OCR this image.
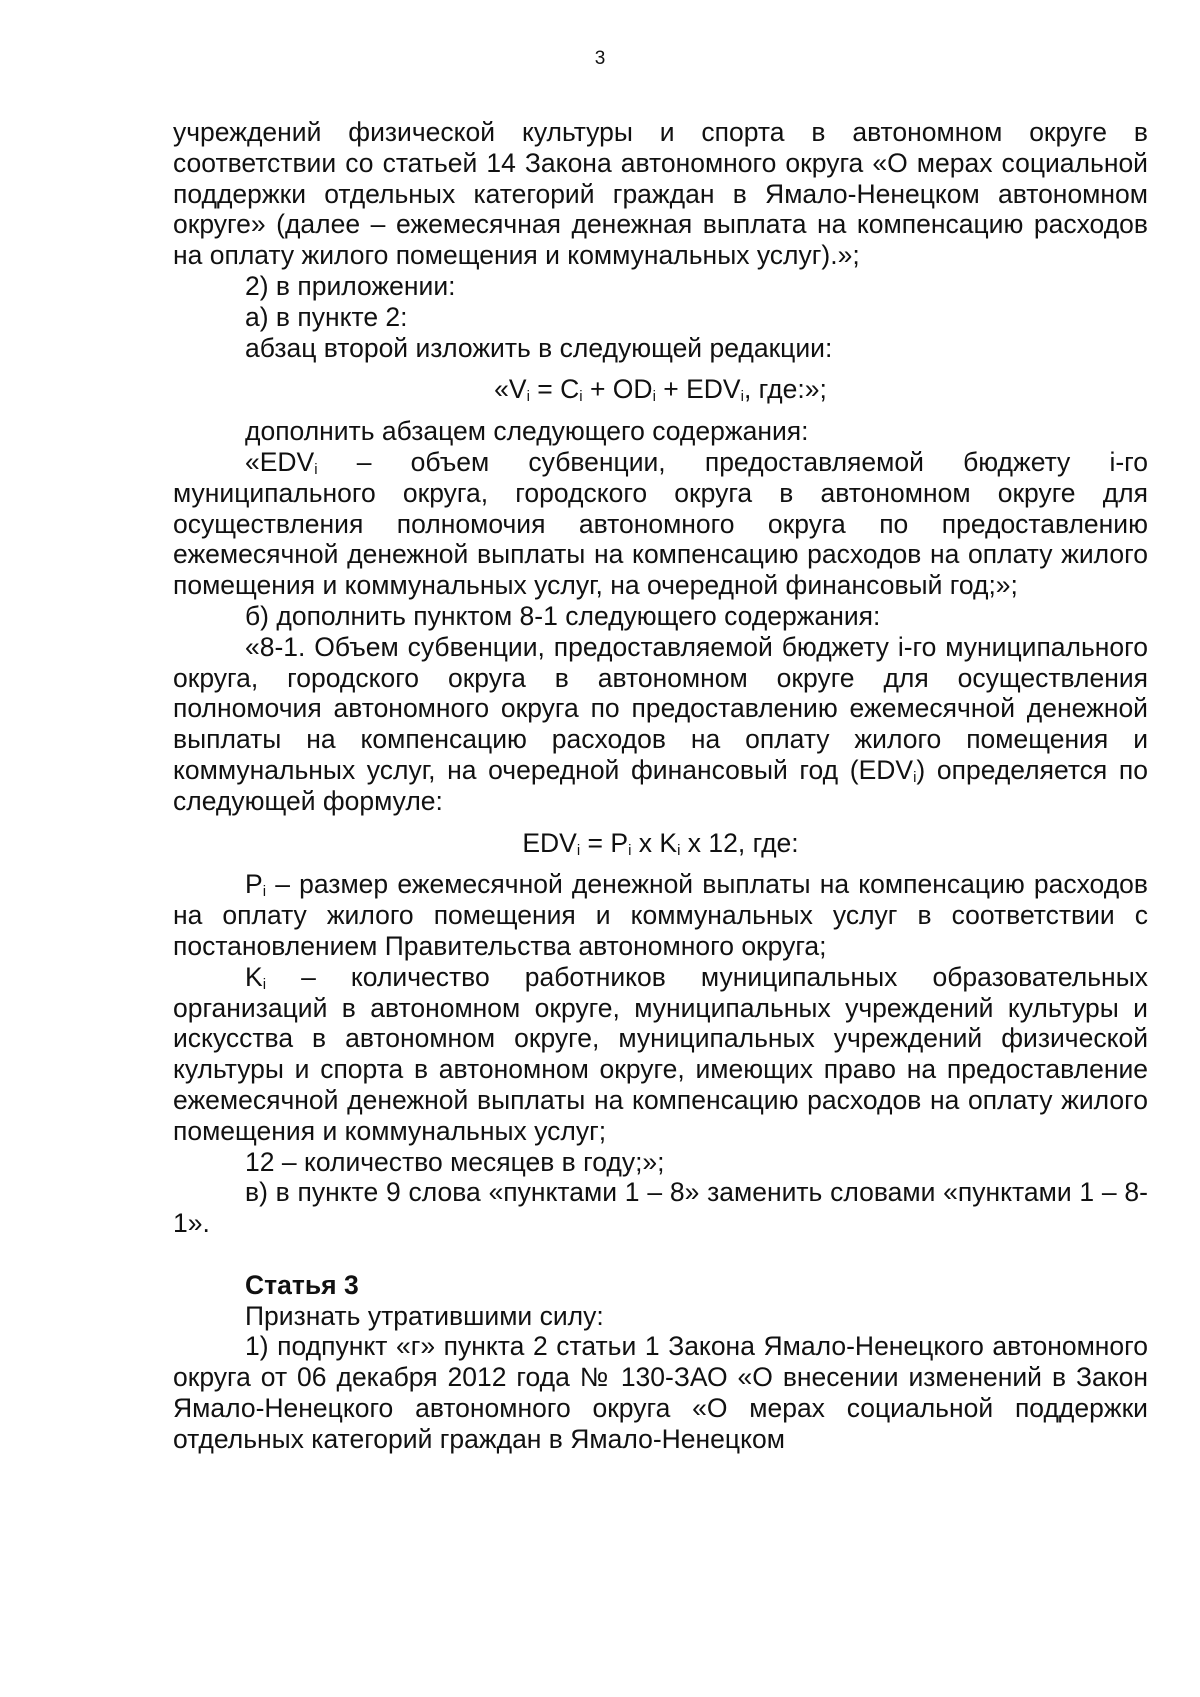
3

учреждений физической культуры и спорта в автономном округе в соответствии со статьей 14 Закона автономного округа «О мерах социальной поддержки отдельных категорий граждан в Ямало-Ненецком автономном округе» (далее – ежемесячная денежная выплата на компенсацию расходов на оплату жилого помещения и коммунальных услуг).»;

2) в приложении:

а) в пункте 2:

абзац второй изложить в следующей редакции:

«$V_i = C_i + OD_i + EDV_i$, где:»;

дополнить абзацем следующего содержания:

«$EDV_i$ – объем субвенции, предоставляемой бюджету i-го муниципального округа, городского округа в автономном округе для осуществления полномочия автономного округа по предоставлению ежемесячной денежной выплаты на компенсацию расходов на оплату жилого помещения и коммунальных услуг, на очередной финансовый год;»;

б) дополнить пунктом 8-1 следующего содержания:

«8-1. Объем субвенции, предоставляемой бюджету i-го муниципального округа, городского округа в автономном округе для осуществления полномочия автономного округа по предоставлению ежемесячной денежной выплаты на компенсацию расходов на оплату жилого помещения и коммунальных услуг, на очередной финансовый год $(EDV_i)$ определяется по следующей формуле:

$EDV_i = P_i$ х $K_i$ х 12, где:

$P_i$ – размер ежемесячной денежной выплаты на компенсацию расходов на оплату жилого помещения и коммунальных услуг в соответствии с постановлением Правительства автономного округа;

$K_i$ – количество работников муниципальных образовательных организаций в автономном округе, муниципальных учреждений культуры и искусства в автономном округе, муниципальных учреждений физической культуры и спорта в автономном округе, имеющих право на предоставление ежемесячной денежной выплаты на компенсацию расходов на оплату жилого помещения и коммунальных услуг;

12 – количество месяцев в году;»;

в) в пункте 9 слова «пунктами 1 – 8» заменить словами «пунктами 1 – 8-1».

Статья 3

Признать утратившими силу:

1) подпункт «г» пункта 2 статьи 1 Закона Ямало-Ненецкого автономного округа от 06 декабря 2012 года № 130-ЗАО «О внесении изменений в Закон Ямало-Ненецкого автономного округа «О мерах социальной поддержки отдельных категорий граждан в Ямало-Ненецком
